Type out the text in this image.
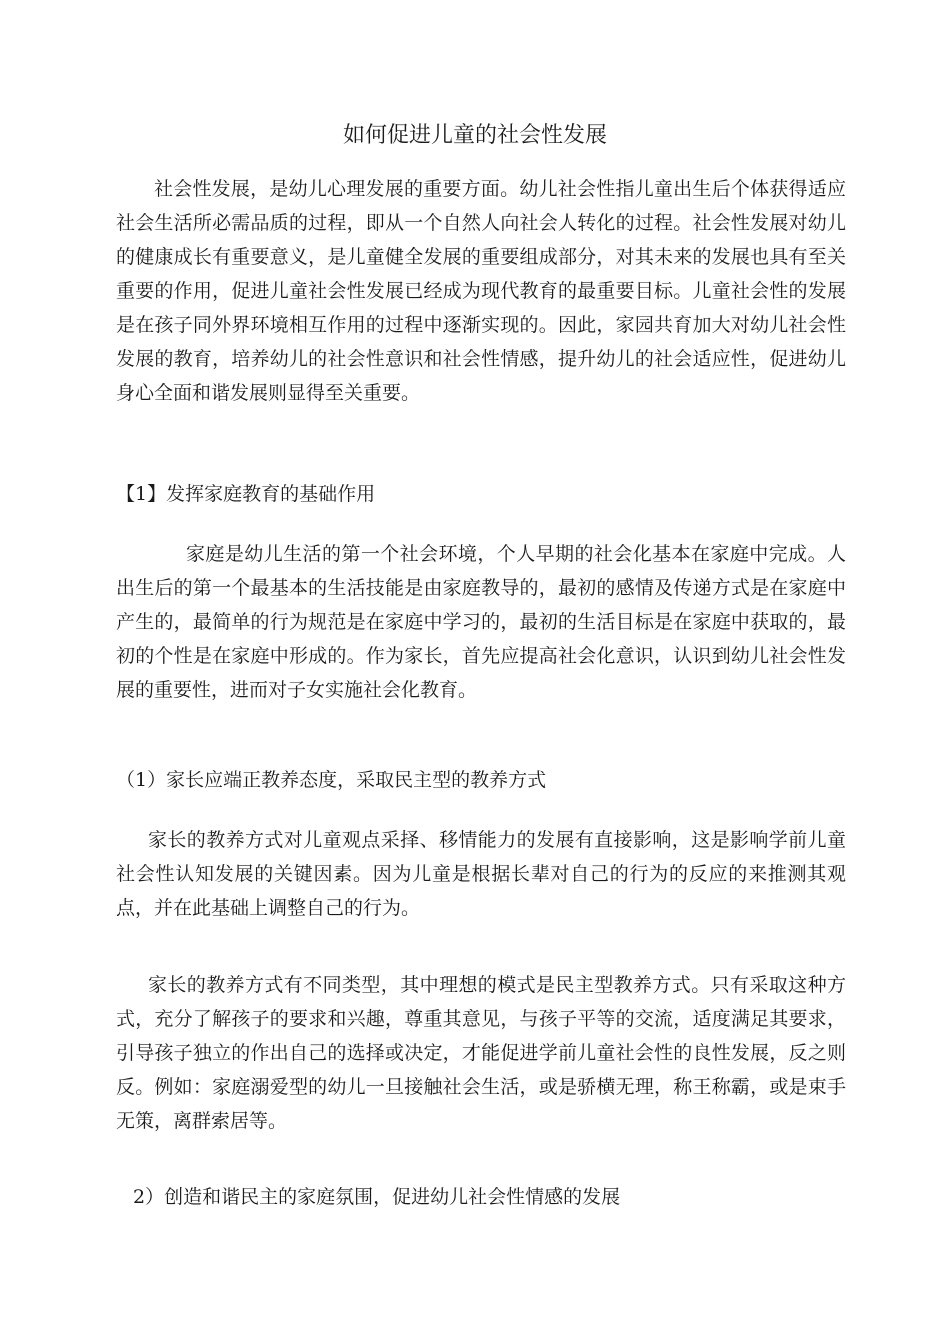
如何促进儿童的社会性发展

社会性发展，是幼儿心理发展的重要方面。幼儿社会性指儿童出生后个体获得适应社会生活所必需品质的过程，即从一个自然人向社会人转化的过程。社会性发展对幼儿的健康成长有重要意义，是儿童健全发展的重要组成部分，对其未来的发展也具有至关重要的作用，促进儿童社会性发展已经成为现代教育的最重要目标。儿童社会性的发展是在孩子同外界环境相互作用的过程中逐渐实现的。因此，家园共育加大对幼儿社会性发展的教育，培养幼儿的社会性意识和社会性情感，提升幼儿的社会适应性，促进幼儿身心全面和谐发展则显得至关重要。

【1】发挥家庭教育的基础作用

家庭是幼儿生活的第一个社会环境，个人早期的社会化基本在家庭中完成。人出生后的第一个最基本的生活技能是由家庭教导的，最初的感情及传递方式是在家庭中产生的，最简单的行为规范是在家庭中学习的，最初的生活目标是在家庭中获取的，最初的个性是在家庭中形成的。作为家长，首先应提高社会化意识，认识到幼儿社会性发展的重要性，进而对子女实施社会化教育。

（1）家长应端正教养态度，采取民主型的教养方式

家长的教养方式对儿童观点采择、移情能力的发展有直接影响，这是影响学前儿童社会性认知发展的关键因素。因为儿童是根据长辈对自己的行为的反应的来推测其观点，并在此基础上调整自己的行为。

家长的教养方式有不同类型，其中理想的模式是民主型教养方式。只有采取这种方式，充分了解孩子的要求和兴趣，尊重其意见，与孩子平等的交流，适度满足其要求，引导孩子独立的作出自己的选择或决定，才能促进学前儿童社会性的良性发展，反之则反。例如：家庭溺爱型的幼儿一旦接触社会生活，或是骄横无理，称王称霸，或是束手无策，离群索居等。

2）创造和谐民主的家庭氛围，促进幼儿社会性情感的发展
